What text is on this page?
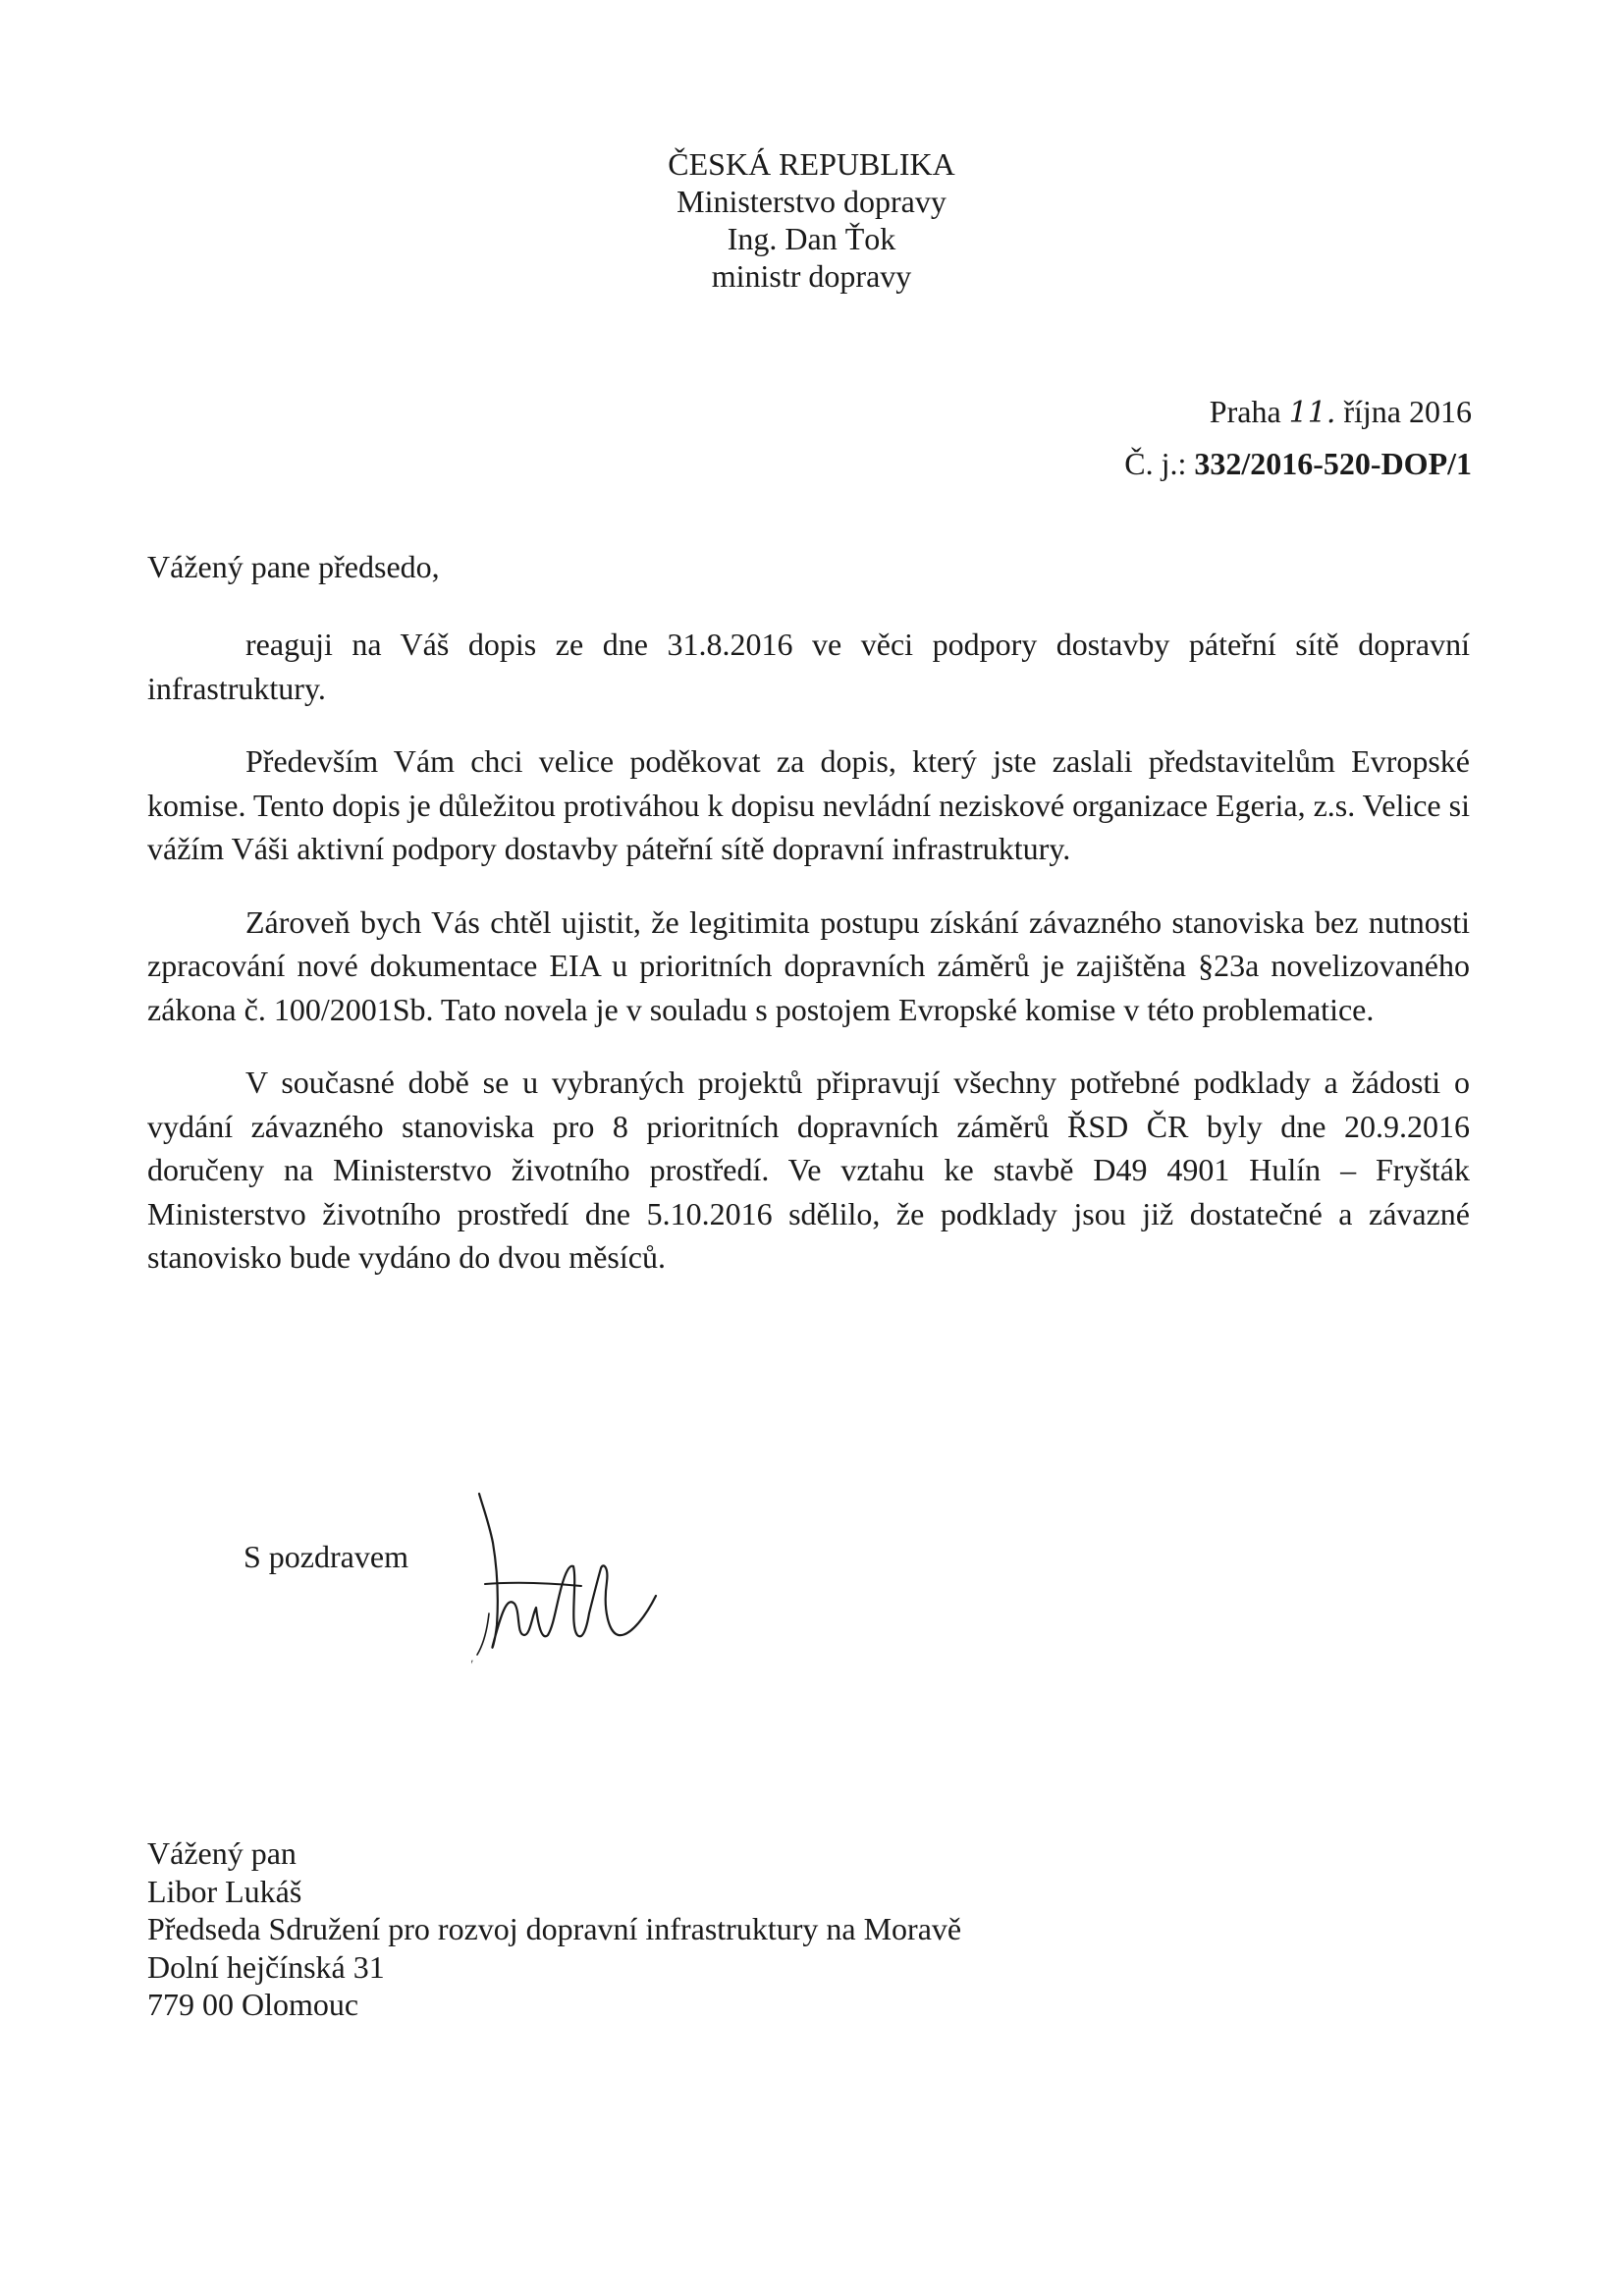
ČESKÁ REPUBLIKA
Ministerstvo dopravy
Ing. Dan Ťok
ministr dopravy
Praha 11. října 2016
Č. j.: 332/2016-520-DOP/1
Vážený pane předsedo,

reaguji na Váš dopis ze dne 31.8.2016 ve věci podpory dostavby páteřní sítě dopravní infrastruktury.

Především Vám chci velice poděkovat za dopis, který jste zaslali představitelům Evropské komise. Tento dopis je důležitou protiváhou k dopisu nevládní neziskové organizace Egeria, z.s. Velice si vážím Váši aktivní podpory dostavby páteřní sítě dopravní infrastruktury.

Zároveň bych Vás chtěl ujistit, že legitimita postupu získání závazného stanoviska bez nutnosti zpracování nové dokumentace EIA u prioritních dopravních záměrů je zajištěna §23a novelizovaného zákona č. 100/2001Sb. Tato novela je v souladu s postojem Evropské komise v této problematice.

V současné době se u vybraných projektů připravují všechny potřebné podklady a žádosti o vydání závazného stanoviska pro 8 prioritních dopravních záměrů ŘSD ČR byly dne 20.9.2016 doručeny na Ministerstvo životního prostředí. Ve vztahu ke stavbě D49 4901 Hulín – Fryšták Ministerstvo životního prostředí dne 5.10.2016 sdělilo, že podklady jsou již dostatečné a závazné stanovisko bude vydáno do dvou měsíců.

S pozdravem
Vážený pan
Libor Lukáš
Předseda Sdružení pro rozvoj dopravní infrastruktury na Moravě
Dolní hejčínská 31
779 00 Olomouc
